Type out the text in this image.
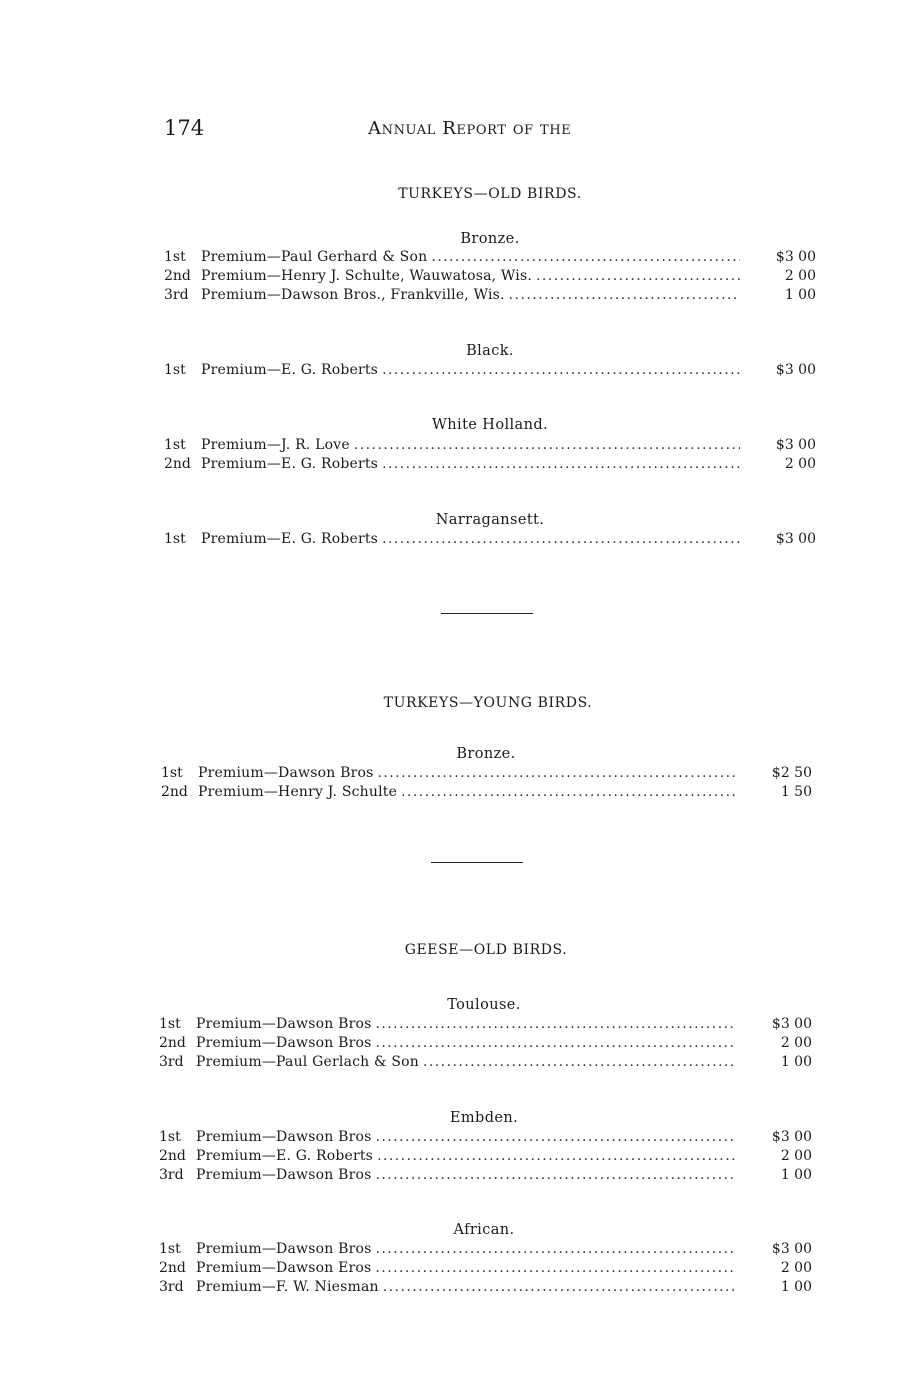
174	Annual Report of the
TURKEYS—OLD BIRDS.
Bronze.
1st	Premium—Paul Gerhard & Son . . .	$3 00
2nd Premium—Henry J. Schulte, Wauwatosa, Wis. . . .	2 00
3rd Premium—Dawson Bros., Frankville, Wis. . . .	1 00
Black.
1st	Premium—E. G. Roberts . . .	$3 00
White Holland.
1st	Premium—J. R. Love . . .	$3 00
2nd Premium—E. G. Roberts . . .	2 00
Narragansett.
1st	Premium—E. G. Roberts . . .	$3 00
TURKEYS—YOUNG BIRDS.
Bronze.
1st	Premium—Dawson Bros . . .	$2 50
2nd Premium—Henry J. Schulte . . .	1 50
GEESE—OLD BIRDS.
Toulouse.
1st	Premium—Dawson Bros . . .	$3 00
2nd Premium—Dawson Bros . . .	2 00
3rd Premium—Paul Gerlach & Son . . .	1 00
Embden.
1st	Premium—Dawson Bros . . .	$3 00
2nd Premium—E. G. Roberts . . .	2 00
3rd Premium—Dawson Bros . . .	1 00
African.
1st	Premium—Dawson Bros . . .	$3 00
2nd Premium—Dawson Eros . . .	2 00
3rd Premium—F. W. Niesman . . .	1 00
